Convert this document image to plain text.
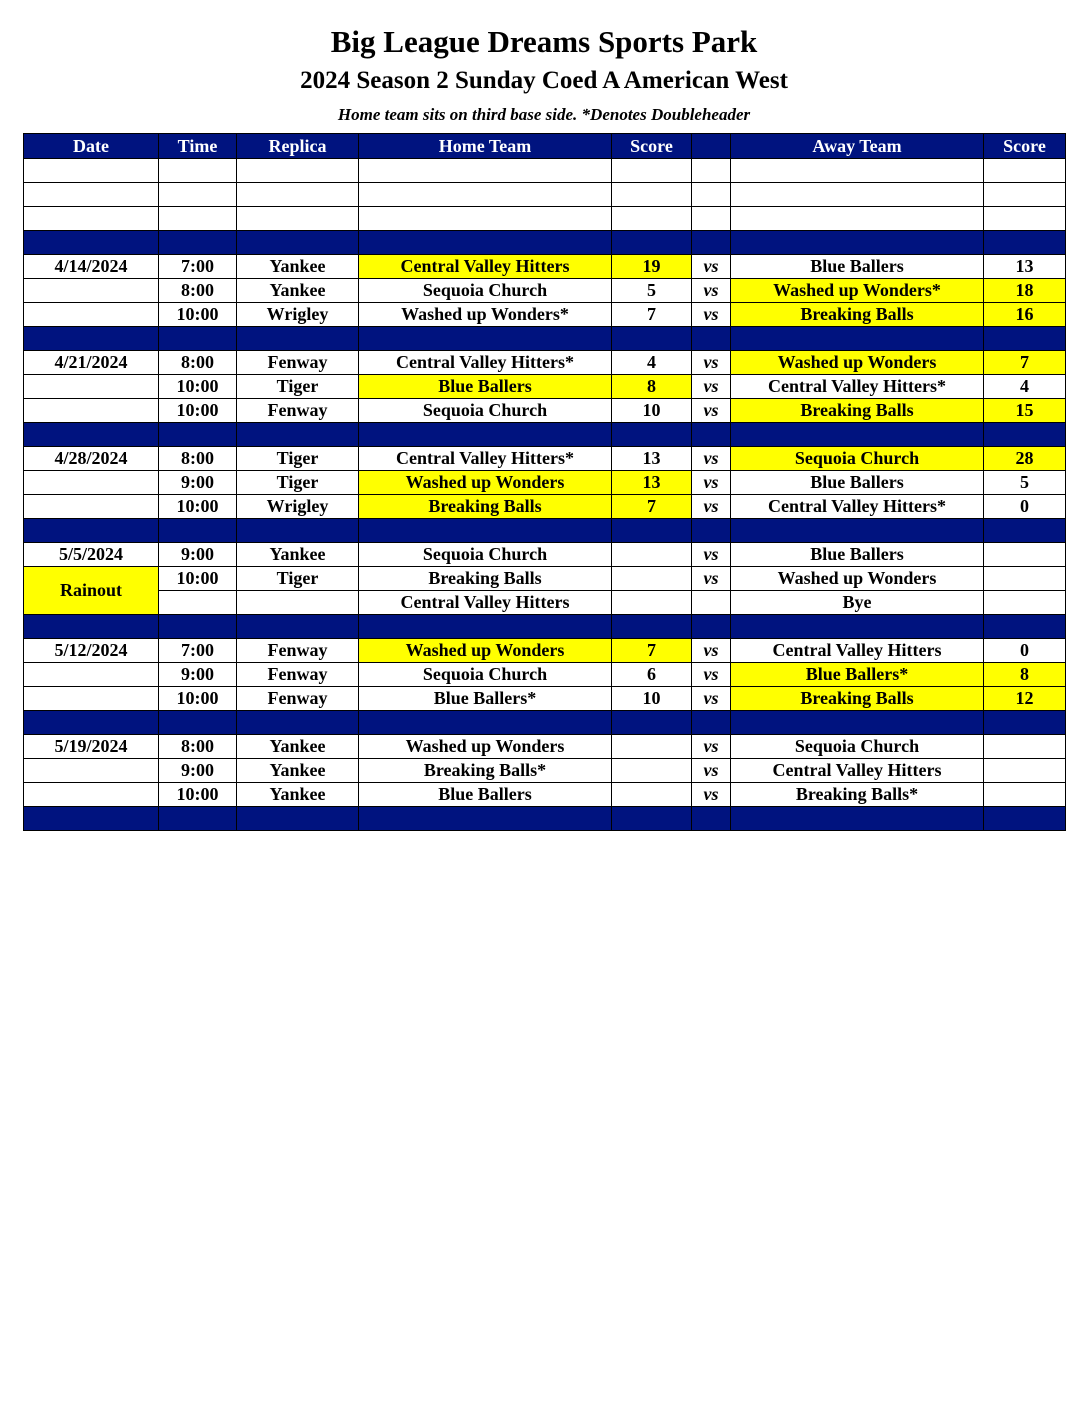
Big League Dreams Sports Park
2024 Season 2 Sunday Coed A American West
Home team sits on third base side. *Denotes Doubleheader
Date	Time	Replica	Home Team	Score		Away Team	Score

4/14/2024	7:00	Yankee	Central Valley Hitters	19	vs	Blue Ballers	13
	8:00	Yankee	Sequoia Church	5	vs	Washed up Wonders*	18
	10:00	Wrigley	Washed up Wonders*	7	vs	Breaking Balls	16

4/21/2024	8:00	Fenway	Central Valley Hitters*	4	vs	Washed up Wonders	7
	10:00	Tiger	Blue Ballers	8	vs	Central Valley Hitters*	4
	10:00	Fenway	Sequoia Church	10	vs	Breaking Balls	15

4/28/2024	8:00	Tiger	Central Valley Hitters*	13	vs	Sequoia Church	28
	9:00	Tiger	Washed up Wonders	13	vs	Blue Ballers	5
	10:00	Wrigley	Breaking Balls	7	vs	Central Valley Hitters*	0

5/5/2024	9:00	Yankee	Sequoia Church		vs	Blue Ballers	
Rainout	10:00	Tiger	Breaking Balls		vs	Washed up Wonders	
			Central Valley Hitters			Bye	

5/12/2024	7:00	Fenway	Washed up Wonders	7	vs	Central Valley Hitters	0
	9:00	Fenway	Sequoia Church	6	vs	Blue Ballers*	8
	10:00	Fenway	Blue Ballers*	10	vs	Breaking Balls	12

5/19/2024	8:00	Yankee	Washed up Wonders		vs	Sequoia Church	
	9:00	Yankee	Breaking Balls*		vs	Central Valley Hitters	
	10:00	Yankee	Blue Ballers		vs	Breaking Balls*	
